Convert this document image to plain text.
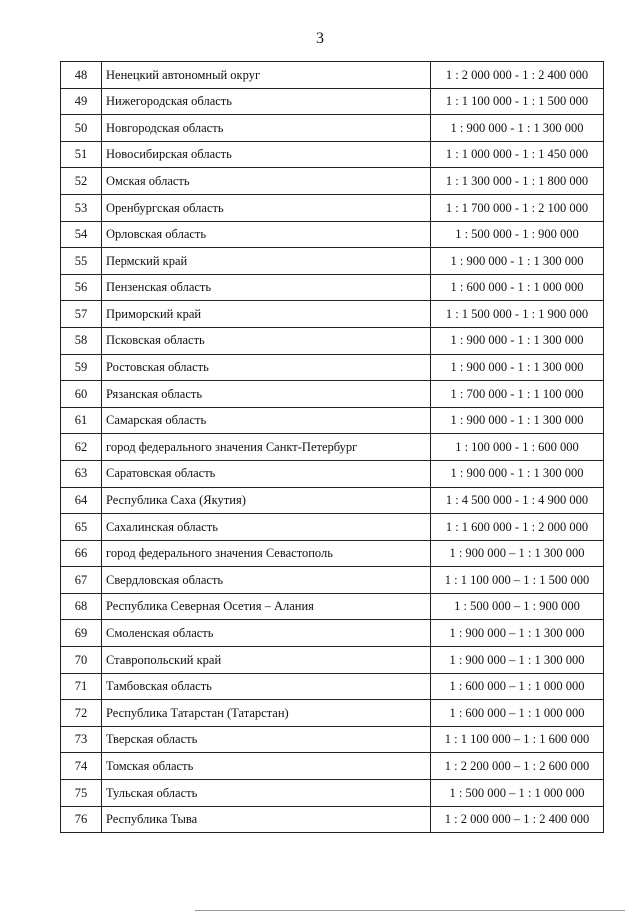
3
48	Ненецкий автономный округ	1 : 2 000 000 - 1 : 2 400 000
49	Нижегородская область	1 : 1 100 000 - 1 : 1 500 000
50	Новгородская область	1 : 900 000 - 1 : 1 300 000
51	Новосибирская область	1 : 1 000 000 - 1 : 1 450 000
52	Омская область	1 : 1 300 000 - 1 : 1 800 000
53	Оренбургская область	1 : 1 700 000 - 1 : 2 100 000
54	Орловская область	1 : 500 000 - 1 : 900 000
55	Пермский край	1 : 900 000 - 1 : 1 300 000
56	Пензенская область	1 : 600 000 - 1 : 1 000 000
57	Приморский край	1 : 1 500 000 - 1 : 1 900 000
58	Псковская область	1 : 900 000 - 1 : 1 300 000
59	Ростовская область	1 : 900 000 - 1 : 1 300 000
60	Рязанская область	1 : 700 000 - 1 : 1 100 000
61	Самарская область	1 : 900 000 - 1 : 1 300 000
62	город федерального значения Санкт-Петербург	1 : 100 000 - 1 : 600 000
63	Саратовская область	1 : 900 000 - 1 : 1 300 000
64	Республика Саха (Якутия)	1 : 4 500 000 - 1 : 4 900 000
65	Сахалинская область	1 : 1 600 000 - 1 : 2 000 000
66	город федерального значения Севастополь	1 : 900 000 – 1 : 1 300 000
67	Свердловская область	1 : 1 100 000 – 1 : 1 500 000
68	Республика Северная Осетия – Алания	1 : 500 000 – 1 : 900 000
69	Смоленская область	1 : 900 000 – 1 : 1 300 000
70	Ставропольский край	1 : 900 000 – 1 : 1 300 000
71	Тамбовская область	1 : 600 000 – 1 : 1 000 000
72	Республика Татарстан (Татарстан)	1 : 600 000 – 1 : 1 000 000
73	Тверская область	1 : 1 100 000 – 1 : 1 600 000
74	Томская область	1 : 2 200 000 – 1 : 2 600 000
75	Тульская область	1 : 500 000 – 1 : 1 000 000
76	Республика Тыва	1 : 2 000 000 – 1 : 2 400 000
